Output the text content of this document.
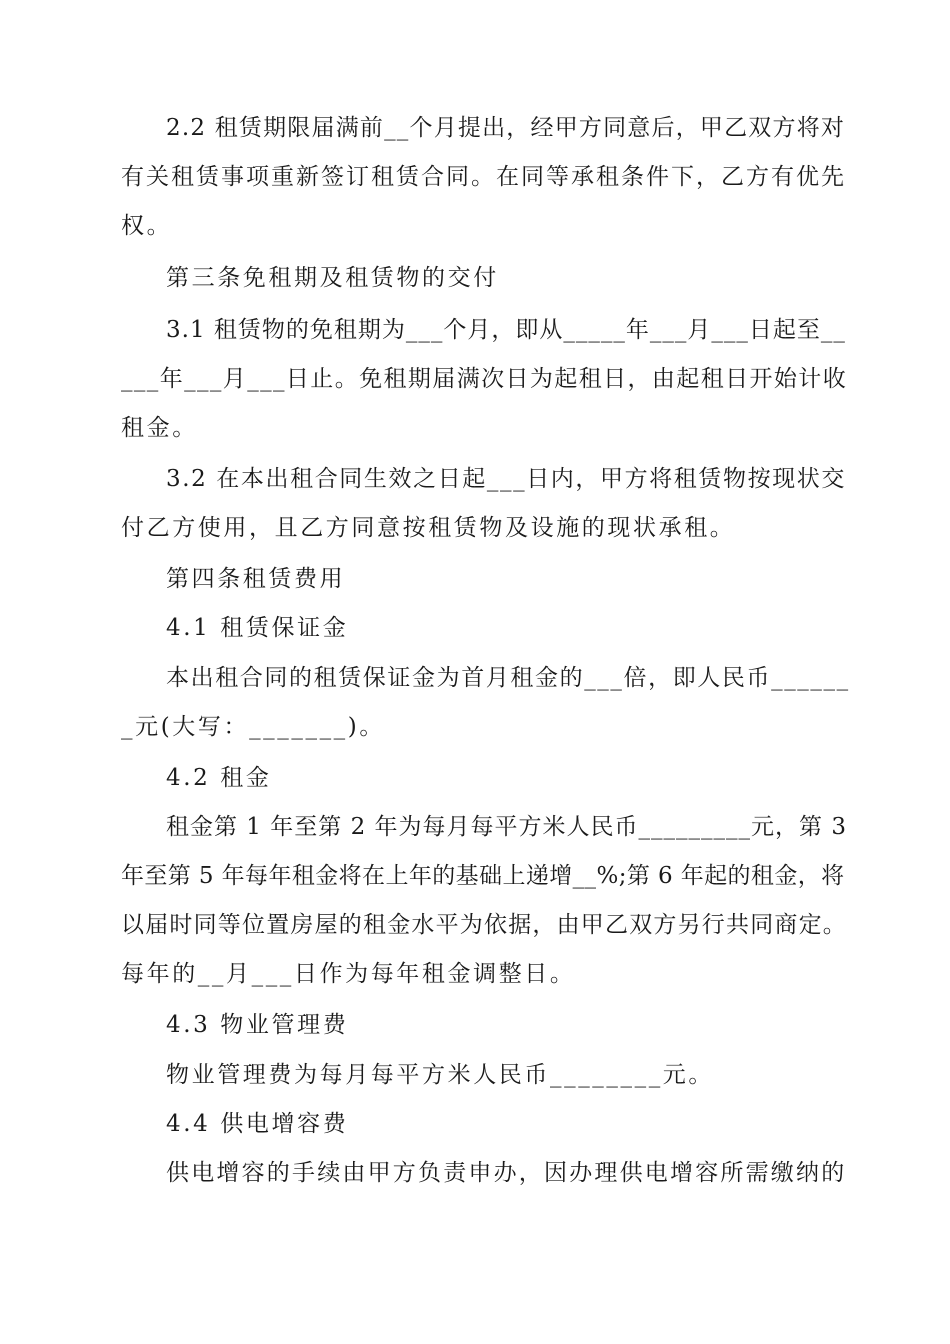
2.2 租赁期限届满前__个月提出，经甲方同意后，甲乙双方将对
有关租赁事项重新签订租赁合同。在同等承租条件下，乙方有优先
权。
第三条免租期及租赁物的交付
3.1 租赁物的免租期为___个月，即从_____年___月___日起至__
___年___月___日止。免租期届满次日为起租日，由起租日开始计收
租金。
3.2 在本出租合同生效之日起___日内，甲方将租赁物按现状交
付乙方使用，且乙方同意按租赁物及设施的现状承租。
第四条租赁费用
4.1 租赁保证金
本出租合同的租赁保证金为首月租金的___倍，即人民币______
_元(大写：_______)。
4.2 租金
租金第 1 年至第 2 年为每月每平方米人民币_________元，第 3
年至第 5 年每年租金将在上年的基础上递增__%;第 6 年起的租金，将
以届时同等位置房屋的租金水平为依据，由甲乙双方另行共同商定。
每年的__月___日作为每年租金调整日。
4.3 物业管理费
物业管理费为每月每平方米人民币________元。
4.4 供电增容费
供电增容的手续由甲方负责申办，因办理供电增容所需缴纳的
